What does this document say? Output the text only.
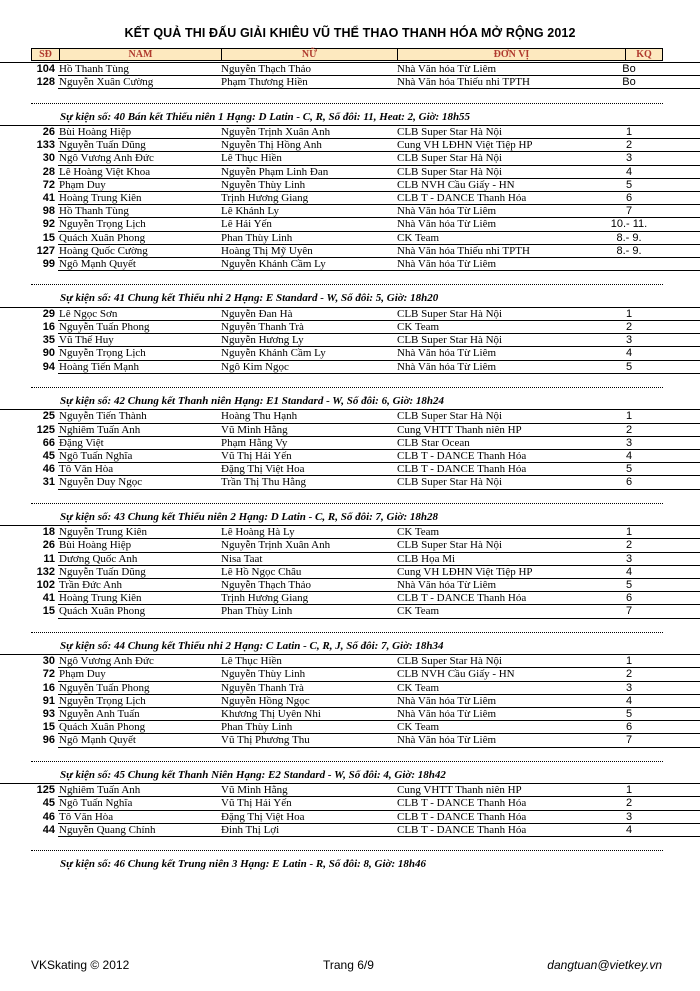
KẾT QUẢ THI ĐẤU GIẢI KHIÊU VŨ THỂ THAO THANH HÓA MỞ RỘNG 2012
SĐ	NAM	NỮ	ĐƠN VỊ	KQ
104 Hồ Thanh Tùng	Nguyễn Thạch Thảo	Nhà Văn hóa Từ Liêm	Bo
128 Nguyễn Xuân Cường	Phạm Thương Hiền	Nhà Văn hóa Thiếu nhi TPTH	Bo
Sự kiện số: 40 Bán kết Thiếu niên 1 Hạng: D Latin - C, R, Số đôi: 11, Heat: 2, Giờ: 18h55
26 Bùi Hoàng Hiệp	Nguyễn Trịnh Xuân Anh	CLB Super Star Hà Nội	1
133 Nguyễn Tuấn Dũng	Nguyễn Thị Hồng Anh	Cung VH LĐHN Việt Tiệp HP	2
30 Ngô Vương Anh Đức	Lê Thục Hiền	CLB Super Star Hà Nội	3
28 Lê Hoàng Việt Khoa	Nguyễn Phạm Linh Đan	CLB Super Star Hà Nội	4
72 Phạm Duy	Nguyễn Thùy Linh	CLB NVH Cầu Giấy - HN	5
41 Hoàng Trung Kiên	Trịnh Hương Giang	CLB T - DANCE Thanh Hóa	6
98 Hồ Thanh Tùng	Lê Khánh Ly	Nhà Văn hóa Từ Liêm	7
92 Nguyễn Trọng Lịch	Lê Hải Yến	Nhà Văn hóa Từ Liêm	10.- 11.
15 Quách Xuân Phong	Phan Thùy Linh	CK Team	8.- 9.
127 Hoàng Quốc Cường	Hoàng Thị Mỹ Uyên	Nhà Văn hóa Thiếu nhi TPTH	8.- 9.
99 Ngô Mạnh Quyết	Nguyễn Khánh Cầm Ly	Nhà Văn hóa Từ Liêm
Sự kiện số: 41 Chung kết Thiếu nhi 2 Hạng: E Standard - W, Số đôi: 5, Giờ: 18h20
29 Lê Ngọc Sơn	Nguyễn Đan Hà	CLB Super Star Hà Nội	1
16 Nguyễn Tuấn Phong	Nguyễn Thanh Trà	CK Team	2
35 Vũ Thế Huy	Nguyễn Hương Ly	CLB Super Star Hà Nội	3
90 Nguyễn Trọng Lịch	Nguyễn Khánh Cầm Ly	Nhà Văn hóa Từ Liêm	4
94 Hoàng Tiến Mạnh	Ngô Kim Ngọc	Nhà Văn hóa Từ Liêm	5
Sự kiện số: 42 Chung kết Thanh niên Hạng: E1 Standard - W, Số đôi: 6, Giờ: 18h24
25 Nguyễn Tiến Thành	Hoàng Thu Hạnh	CLB Super Star Hà Nội	1
125 Nghiêm Tuấn Anh	Vũ Minh Hằng	Cung VHTT Thanh niên HP	2
66 Đặng Việt	Phạm Hằng Vy	CLB Star Ocean	3
45 Ngô Tuấn Nghĩa	Vũ Thị Hải Yến	CLB T - DANCE Thanh Hóa	4
46 Tô Văn Hòa	Đặng Thị Việt Hoa	CLB T - DANCE Thanh Hóa	5
31 Nguyễn Duy Ngọc	Trần Thị Thu Hằng	CLB Super Star Hà Nội	6
Sự kiện số: 43 Chung kết Thiếu niên 2 Hạng: D Latin - C, R, Số đôi: 7, Giờ: 18h28
18 Nguyễn Trung Kiên	Lê Hoàng Hà Ly	CK Team	1
26 Bùi Hoàng Hiệp	Nguyễn Trịnh Xuân Anh	CLB Super Star Hà Nội	2
11 Dương Quốc Anh	Nisa Taat	CLB Họa Mi	3
132 Nguyễn Tuấn Dũng	Lê Hồ Ngọc Châu	Cung VH LĐHN Việt Tiệp HP	4
102 Trần Đức Anh	Nguyễn Thạch Thảo	Nhà Văn hóa Từ Liêm	5
41 Hoàng Trung Kiên	Trịnh Hương Giang	CLB T - DANCE Thanh Hóa	6
15 Quách Xuân Phong	Phan Thùy Linh	CK Team	7
Sự kiện số: 44 Chung kết Thiếu nhi 2 Hạng: C Latin - C, R, J, Số đôi: 7, Giờ: 18h34
30 Ngô Vương Anh Đức	Lê Thục Hiền	CLB Super Star Hà Nội	1
72 Phạm Duy	Nguyễn Thùy Linh	CLB NVH Cầu Giấy - HN	2
16 Nguyễn Tuấn Phong	Nguyễn Thanh Trà	CK Team	3
91 Nguyễn Trọng Lịch	Nguyễn Hồng Ngọc	Nhà Văn hóa Từ Liêm	4
93 Nguyễn Anh Tuấn	Khương Thị Uyên Nhi	Nhà Văn hóa Từ Liêm	5
15 Quách Xuân Phong	Phan Thùy Linh	CK Team	6
96 Ngô Mạnh Quyết	Vũ Thị Phương Thu	Nhà Văn hóa Từ Liêm	7
Sự kiện số: 45 Chung kết Thanh Niên Hạng: E2 Standard - W, Số đôi: 4, Giờ: 18h42
125 Nghiêm Tuấn Anh	Vũ Minh Hằng	Cung VHTT Thanh niên HP	1
45 Ngô Tuấn Nghĩa	Vũ Thị Hải Yến	CLB T - DANCE Thanh Hóa	2
46 Tô Văn Hòa	Đặng Thị Việt Hoa	CLB T - DANCE Thanh Hóa	3
44 Nguyễn Quang Chính	Đinh Thị Lợi	CLB T - DANCE Thanh Hóa	4
Sự kiện số: 46 Chung kết Trung niên 3 Hạng: E Latin - R, Số đôi: 8, Giờ: 18h46
VKSkating © 2012	Trang 6/9	dangtuan@vietkey.vn
